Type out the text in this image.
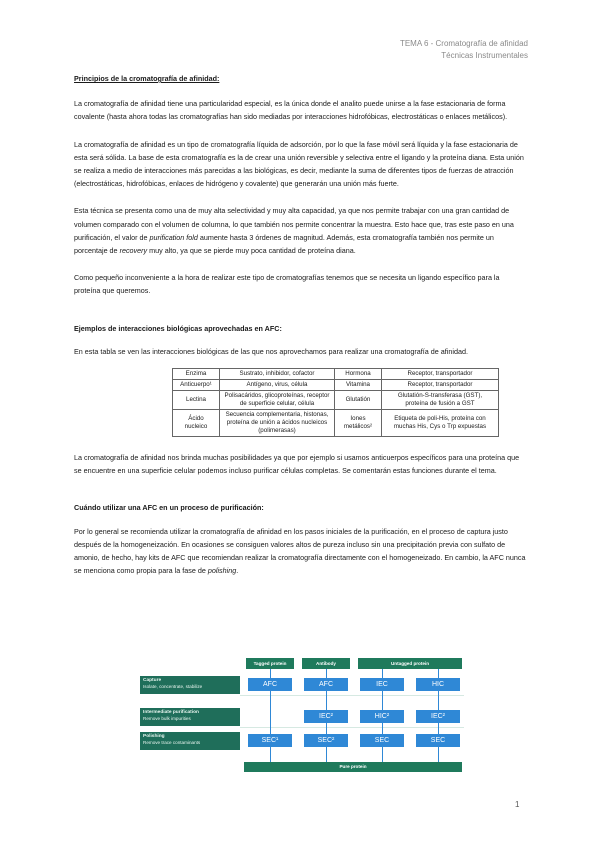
TEMA 6 - Cromatografía de afinidad
Técnicas Instrumentales

Principios de la cromatografía de afinidad:

La cromatografía de afinidad tiene una particularidad especial, es la única donde el analito puede unirse a la fase estacionaria de forma covalente (hasta ahora todas las cromatografías han sido mediadas por interacciones hidrofóbicas, electrostáticas o enlaces metálicos).

La cromatografía de afinidad es un tipo de cromatografía líquida de adsorción, por lo que la fase móvil será líquida y la fase estacionaria de esta será sólida. La base de esta cromatografía es la de crear una unión reversible y selectiva entre el ligando y la proteína diana. Esta unión se realiza a medio de interacciones más parecidas a las biológicas, es decir, mediante la suma de diferentes tipos de fuerzas de atracción (electrostáticas, hidrofóbicas, enlaces de hidrógeno y covalente) que generarán una unión más fuerte.

Esta técnica se presenta como una de muy alta selectividad y muy alta capacidad, ya que nos permite trabajar con una gran cantidad de volumen comparado con el volumen de columna, lo que también nos permite concentrar la muestra. Esto hace que, tras este paso en una purificación, el valor de purification fold aumente hasta 3 órdenes de magnitud. Además, esta cromatografía también nos permite un porcentaje de recovery muy alto, ya que se pierde muy poca cantidad de proteína diana.

Como pequeño inconveniente a la hora de realizar este tipo de cromatografías tenemos que se necesita un ligando específico para la proteína que queremos.

Ejemplos de interacciones biológicas aprovechadas en AFC:

En esta tabla se ven las interacciones biológicas de las que nos aprovechamos para realizar una cromatografía de afinidad.

Enzima	Sustrato, inhibidor, cofactor	Hormona	Receptor, transportador
Anticuerpo¹	Antígeno, virus, célula	Vitamina	Receptor, transportador
Lectina	Polisacáridos, glicoproteínas, receptor de superficie celular, célula	Glutatión	Glutatión-S-transferasa (GST), proteína de fusión a GST
Ácido nucleico	Secuencia complementaria, histonas, proteína de unión a ácidos nucleicos (polimerasas)	Iones metálicos²	Etiqueta de poli-His, proteína con muchas His, Cys o Trp expuestas

La cromatografía de afinidad nos brinda muchas posibilidades ya que por ejemplo si usamos anticuerpos específicos para una proteína que se encuentre en una superficie celular podemos incluso purificar células completas. Se comentarán estas funciones durante el tema.

Cuándo utilizar una AFC en un proceso de purificación:

Por lo general se recomienda utilizar la cromatografía de afinidad en los pasos iniciales de la purificación, en el proceso de captura justo después de la homogeneización. En ocasiones se consiguen valores altos de pureza incluso sin una precipitación previa con sulfato de amonio, de hecho, hay kits de AFC que recomiendan realizar la cromatografía directamente con el homogeneizado. En cambio, la AFC nunca se menciona como propia para la fase de polishing.

Tagged protein	Antibody	Untagged protein
Capture
Isolate, concentrate, stabilize
Intermediate purification
Remove bulk impurities
Polishing
Remove trace contaminants
AFC
SEC¹
AFC
IEC²
SEC²
IEC
HIC²
SEC
HIC
IEC²
SEC
Pure protein
1
